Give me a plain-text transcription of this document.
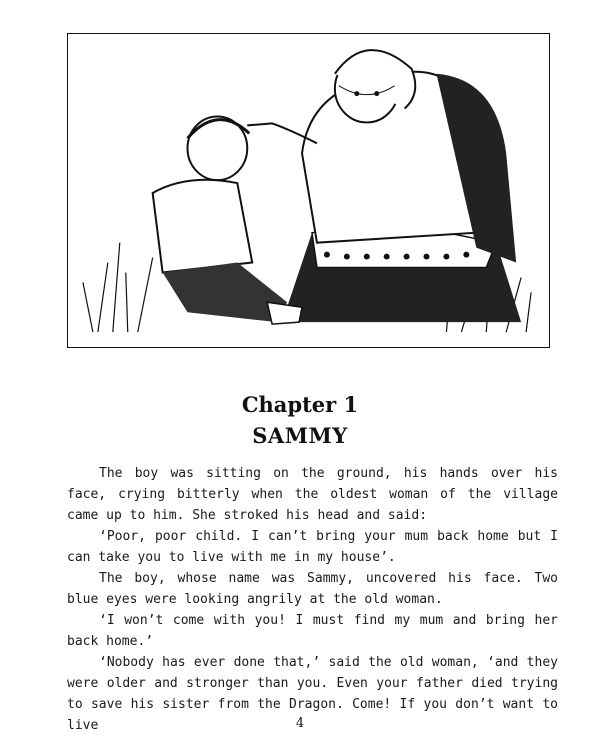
Chapter 1
SAMMY

The boy was sitting on the ground, his hands over his face, crying bitterly when the oldest woman of the village came up to him. She stroked his head and said:

‘Poor, poor child. I can’t bring your mum back home but I can take you to live with me in my house’.

The boy, whose name was Sammy, uncovered his face. Two blue eyes were looking angrily at the old woman.

‘I won’t come with you! I must find my mum and bring her back home.’

‘Nobody has ever done that,’ said the old woman, ‘and they were older and stronger than you. Even your father died trying to save his sister from the Dragon. Come! If you don’t want to live	4
